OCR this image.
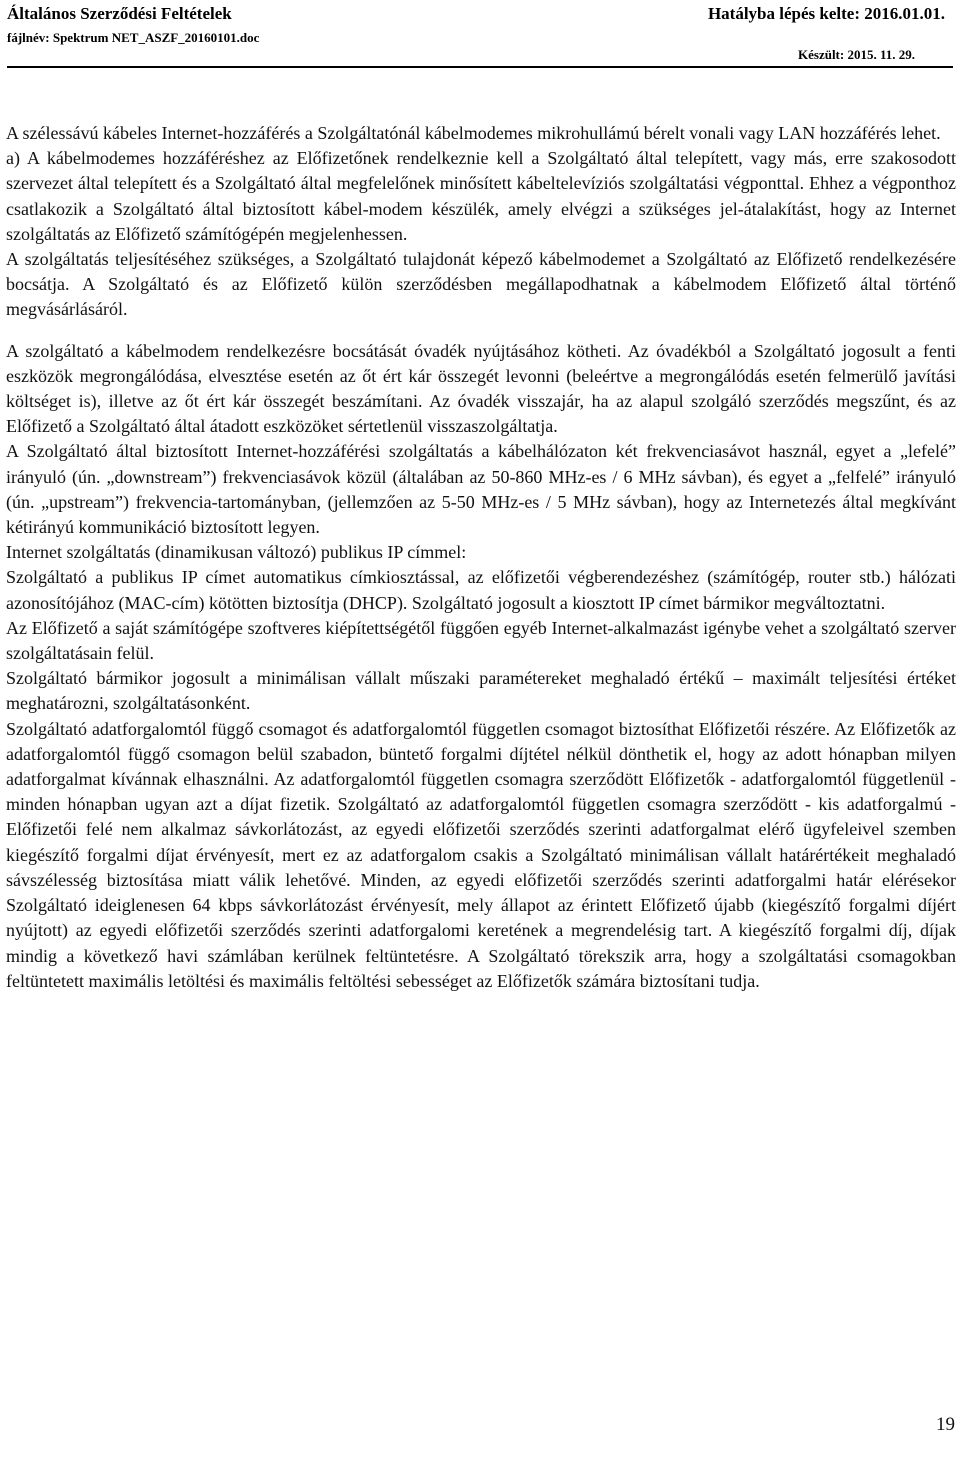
Általános Szerződési Feltételek
fájlnév: Spektrum NET_ASZF_20160101.doc
Hatályba lépés kelte: 2016.01.01.
Készült: 2015. 11. 29.

A szélessávú kábeles Internet-hozzáférés a Szolgáltatónál kábelmodemes mikrohullámú bérelt vonali vagy LAN hozzáférés lehet.

a) A kábelmodemes hozzáféréshez az Előfizetőnek rendelkeznie kell a Szolgáltató által telepített, vagy más, erre szakosodott szervezet által telepített és a Szolgáltató által megfelelőnek minősített kábeltelevíziós szolgáltatási végponttal. Ehhez a végponthoz csatlakozik a Szolgáltató által biztosított kábel-modem készülék, amely elvégzi a szükséges jel-átalakítást, hogy az Internet szolgáltatás az Előfizető számítógépén megjelenhessen.

A szolgáltatás teljesítéséhez szükséges, a Szolgáltató tulajdonát képező kábelmodemet a Szolgáltató az Előfizető rendelkezésére bocsátja. A Szolgáltató és az Előfizető külön szerződésben megállapodhatnak a kábelmodem Előfizető által történő megvásárlásáról.

A szolgáltató a kábelmodem rendelkezésre bocsátását óvadék nyújtásához kötheti. Az óvadékból a Szolgáltató jogosult a fenti eszközök megrongálódása, elvesztése esetén az őt ért kár összegét levonni (beleértve a megrongálódás esetén felmerülő javítási költséget is), illetve az őt ért kár összegét beszámítani. Az óvadék visszajár, ha az alapul szolgáló szerződés megszűnt, és az Előfizető a Szolgáltató által átadott eszközöket sértetlenül visszaszolgáltatja.

A Szolgáltató által biztosított Internet-hozzáférési szolgáltatás a kábelhálózaton két frekvenciasávot használ, egyet a „lefelé” irányuló (ún. „downstream”) frekvenciasávok közül (általában az 50-860 MHz-es / 6 MHz sávban), és egyet a „felfelé” irányuló (ún. „upstream”) frekvencia-tartományban, (jellemzően az 5-50 MHz-es / 5 MHz sávban), hogy az Internetezés által megkívánt kétirányú kommunikáció biztosított legyen.

Internet szolgáltatás (dinamikusan változó) publikus IP címmel:

Szolgáltató a publikus IP címet automatikus címkiosztással, az előfizetői végberendezéshez (számítógép, router stb.) hálózati azonosítójához (MAC-cím) kötötten biztosítja (DHCP). Szolgáltató jogosult a kiosztott IP címet bármikor megváltoztatni.

Az Előfizető a saját számítógépe szoftveres kiépítettségétől függően egyéb Internet-alkalmazást igénybe vehet a szolgáltató szerver szolgáltatásain felül.

Szolgáltató bármikor jogosult a minimálisan vállalt műszaki paramétereket meghaladó értékű – maximált teljesítési értéket meghatározni, szolgáltatásonként.

Szolgáltató adatforgalomtól függő csomagot és adatforgalomtól független csomagot biztosíthat Előfizetői részére. Az Előfizetők az adatforgalomtól függő csomagon belül szabadon, büntető forgalmi díjtétel nélkül dönthetik el, hogy az adott hónapban milyen adatforgalmat kívánnak elhasználni. Az adatforgalomtól független csomagra szerződött Előfizetők - adatforgalomtól függetlenül - minden hónapban ugyan azt a díjat fizetik. Szolgáltató az adatforgalomtól független csomagra szerződött - kis adatforgalmú - Előfizetői felé nem alkalmaz sávkorlátozást, az egyedi előfizetői szerződés szerinti adatforgalmat elérő ügyfeleivel szemben kiegészítő forgalmi díjat érvényesít, mert ez az adatforgalom csakis a Szolgáltató minimálisan vállalt határértékeit meghaladó sávszélesség biztosítása miatt válik lehetővé. Minden, az egyedi előfizetői szerződés szerinti adatforgalmi határ elérésekor Szolgáltató ideiglenesen 64 kbps sávkorlátozást érvényesít, mely állapot az érintett Előfizető újabb (kiegészítő forgalmi díjért nyújtott) az egyedi előfizetői szerződés szerinti adatforgalomi keretének a megrendelésig tart. A kiegészítő forgalmi díj, díjak mindig a következő havi számlában kerülnek feltüntetésre. A Szolgáltató törekszik arra, hogy a szolgáltatási csomagokban feltüntetett maximális letöltési és maximális feltöltési sebességet az Előfizetők számára biztosítani tudja.

19
